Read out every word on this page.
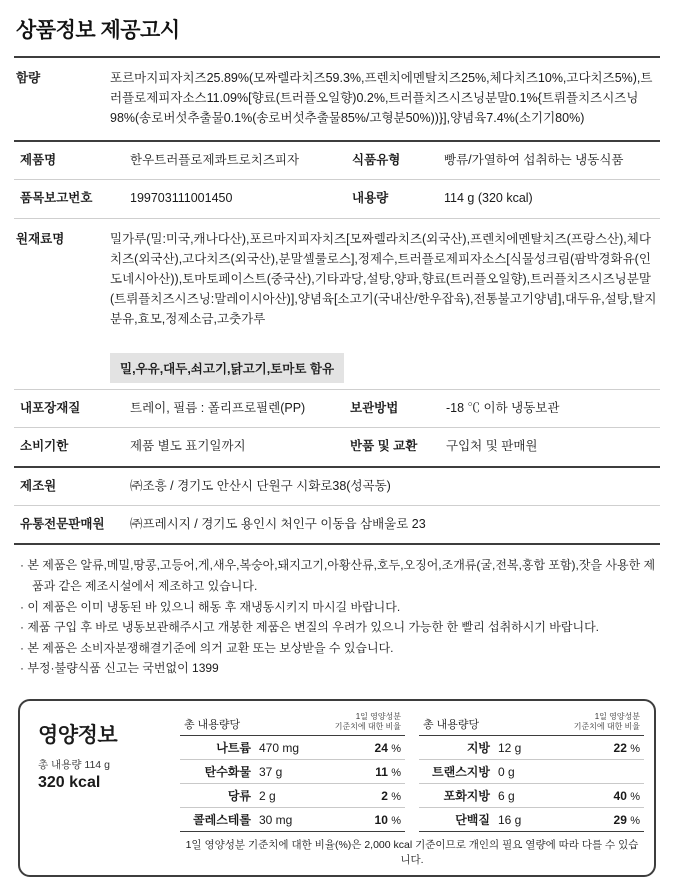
상품정보 제공고시
함량	포르마지피자치즈25.89%(모짜렐라치즈59.3%,프렌치에멘탈치즈25%,체다치즈10%,고다치즈5%),트러플로제피자소스11.09%[향료(트러플오일향)0.2%,트러플치즈시즈닝분말0.1%{트뤼플치즈시즈닝98%(송로버섯추출물0.1%(송로버섯추출물85%/고형분50%))}],양념육7.4%(소기기80%)
제품명	한우트러플로제콰트로치즈피자	식품유형	빵류/가열하여 섭취하는 냉동식품
품목보고번호	199703111001450	내용량	114 g (320 kcal)
원재료명	밀가루(밀:미국,캐나다산),포르마지피자치즈[모짜렐라치즈(외국산),프렌치에멘탈치즈(프랑스산),체다치즈(외국산),고다치즈(외국산),분말셀룰로스],정제수,트러플로제피자소스[식물성크림(팜박경화유(인도네시아산)),토마토페이스트(중국산),기타과당,설탕,양파,향료(트러플오일향),트러플치즈시즈닝분말(트뤼플치즈시즈닝:말레이시아산)],양념육[소고기(국내산/한우잡육),전통불고기양념],대두유,설탕,탈지분유,효모,정제소금,고춧가루
밀,우유,대두,쇠고기,닭고기,토마토 함유
내포장재질	트레이, 필름 : 폴리프로필렌(PP)	보관방법	-18 ℃ 이하 냉동보관
소비기한	제품 별도 표기일까지	반품 및 교환	구입처 및 판매원
제조원	㈜조흥 / 경기도 안산시 단원구 시화로38(성곡동)
유통전문판매원	㈜프레시지 / 경기도 용인시 처인구 이동읍 삼배울로 23
· 본 제품은 알류,메밀,땅콩,고등어,게,새우,복숭아,돼지고기,아황산류,호두,오징어,조개류(굴,전복,홍합 포함),잣을 사용한 제품과 같은 제조시설에서 제조하고 있습니다.
· 이 제품은 이미 냉동된 바 있으니 해동 후 재냉동시키지 마시길 바랍니다.
· 제품 구입 후 바로 냉동보관해주시고 개봉한 제품은 변질의 우려가 있으니 가능한 한 빨리 섭취하시기 바랍니다.
· 본 제품은 소비자분쟁해결기준에 의거 교환 또는 보상받을 수 있습니다.
· 부정·불량식품 신고는 국번없이 1399
영양정보
총 내용량 114 g
320 kcal
총 내용량당		1일 영양성분
기준치에 대한 비율
나트륨	470 mg	24 %
탄수화물	37 g	11 %
당류	2 g	2 %
콜레스테롤	30 mg	10 %
총 내용량당		1일 영양성분
기준치에 대한 비율
지방	12 g	22 %
트랜스지방	0 g	
포화지방	6 g	40 %
단백질	16 g	29 %
1일 영양성분 기준치에 대한 비율(%)은 2,000 kcal 기준이므로 개인의 필요 열량에 따라 다를 수 있습니다.
